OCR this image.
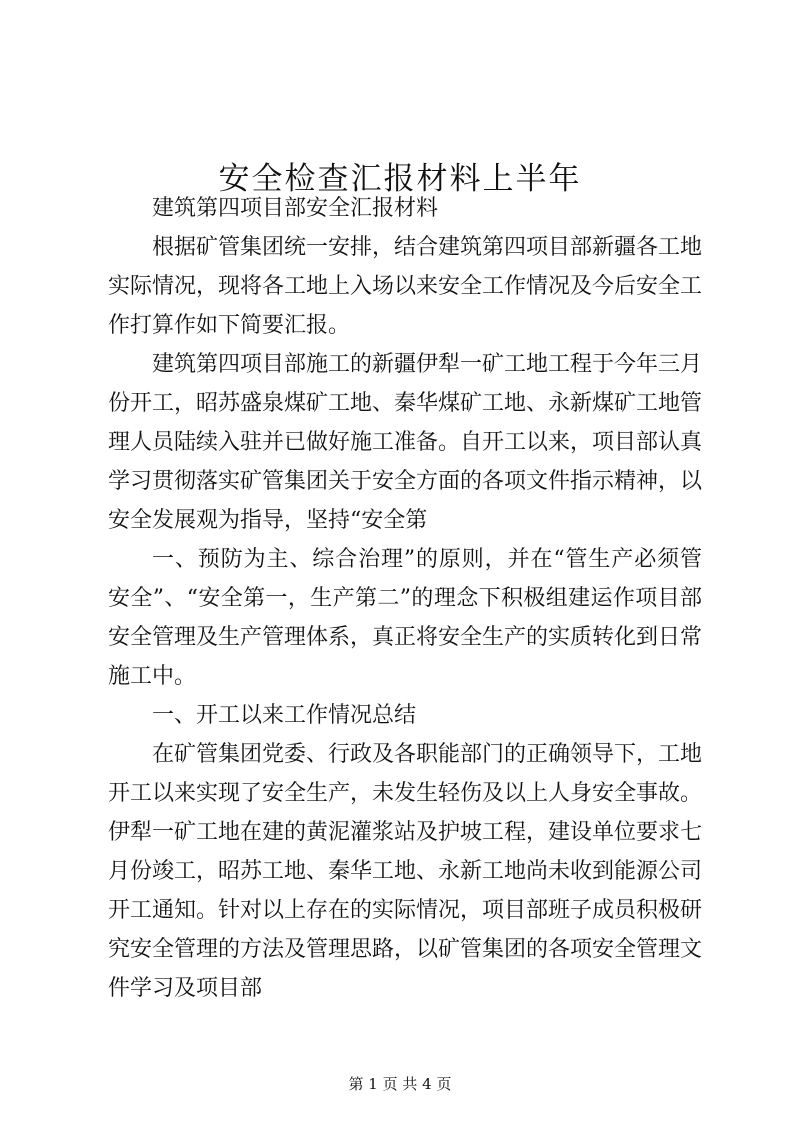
安全检查汇报材料上半年

建筑第四项目部安全汇报材料

根据矿管集团统一安排，结合建筑第四项目部新疆各工地实际情况，现将各工地上入场以来安全工作情况及今后安全工作打算作如下简要汇报。

建筑第四项目部施工的新疆伊犁一矿工地工程于今年三月份开工，昭苏盛泉煤矿工地、秦华煤矿工地、永新煤矿工地管理人员陆续入驻并已做好施工准备。自开工以来，项目部认真学习贯彻落实矿管集团关于安全方面的各项文件指示精神，以安全发展观为指导，坚持“安全第

一、预防为主、综合治理”的原则，并在“管生产必须管安全”、“安全第一，生产第二”的理念下积极组建运作项目部安全管理及生产管理体系，真正将安全生产的实质转化到日常施工中。

一、开工以来工作情况总结

在矿管集团党委、行政及各职能部门的正确领导下，工地开工以来实现了安全生产，未发生轻伤及以上人身安全事故。伊犁一矿工地在建的黄泥灌浆站及护坡工程，建设单位要求七月份竣工，昭苏工地、秦华工地、永新工地尚未收到能源公司开工通知。针对以上存在的实际情况，项目部班子成员积极研究安全管理的方法及管理思路，以矿管集团的各项安全管理文件学习及项目部

第 1 页 共 4 页
